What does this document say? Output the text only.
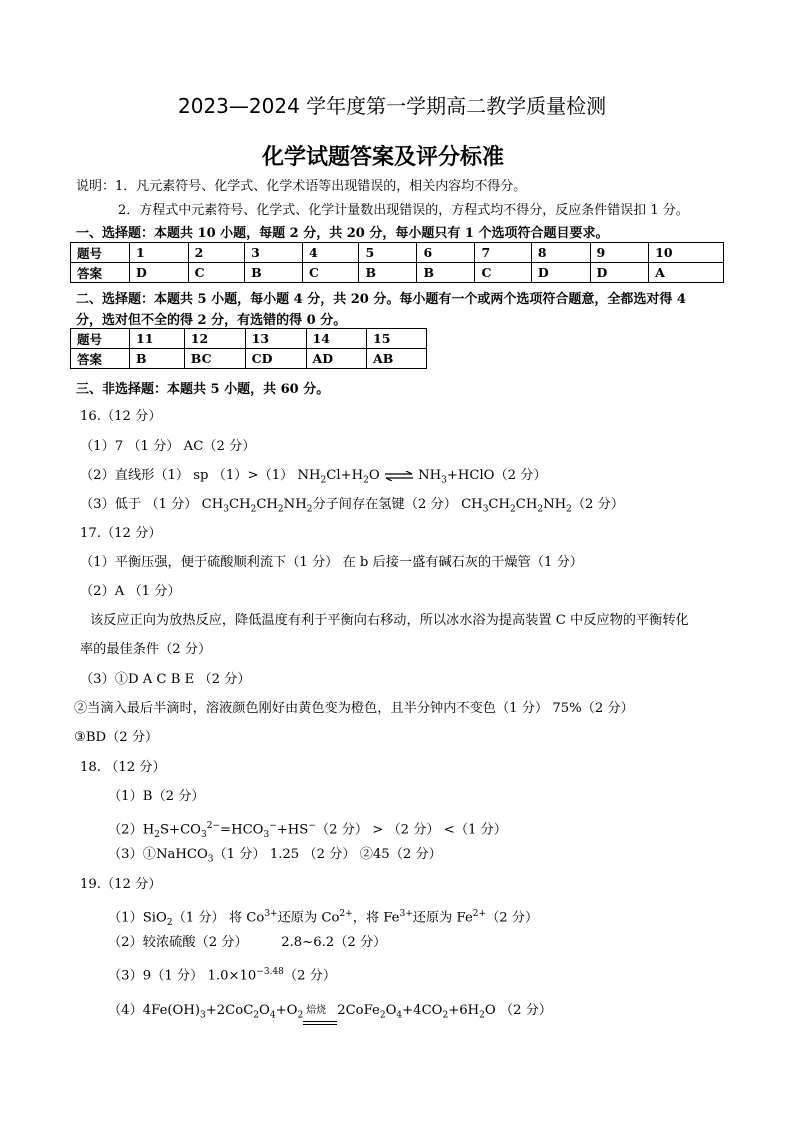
2023—2024 学年度第一学期高二教学质量检测
化学试题答案及评分标准
说明：1．凡元素符号、化学式、化学术语等出现错误的，相关内容均不得分。
2．方程式中元素符号、化学式、化学计量数出现错误的，方程式均不得分，反应条件错误扣 1 分。
一、选择题：本题共 10 小题，每题 2 分，共 20 分，每小题只有 1 个选项符合题目要求。
题号	1	2	3	4	5	6	7	8	9	10
答案	D	C	B	C	B	B	C	D	D	A
二、选择题：本题共 5 小题，每小题 4 分，共 20 分。每小题有一个或两个选项符合题意，全都选对得 4
分，选对但不全的得 2 分，有选错的得 0 分。
题号	11	12	13	14	15
答案	B	BC	CD	AD	AB
三、非选择题：本题共 5 小题，共 60 分。
16.（12 分）
（1）7 （1 分） AC（2 分）
（2）直线形（1） sp （1）>（1） $NH_2Cl+H_2O$ ⇌ $NH_3+HClO(2$ 分）
（3）低于 （1 分） $CH_3CH_2CH_2NH_2$分子间存在氢键（2 分） $CH_3CH_2CH_2NH_2(2$ 分）
17.（12 分）
（1）平衡压强，便于硫酸顺利流下（1 分） 在 b 后接一盛有碱石灰的干燥管（1 分）
（2）A （1 分）
该反应正向为放热反应，降低温度有利于平衡向右移动，所以冰水浴为提高装置 C 中反应物的平衡转化
率的最佳条件（2 分）
（3）①D A C B E （2 分）
②当滴入最后半滴时，溶液颜色刚好由黄色变为橙色，且半分钟内不变色（1 分） 75%（2 分）
③BD（2 分）
18. （12 分）
（1）B（2 分）
$(2)H_2S+CO_3^{2-}=HCO_3^-+HS^-(2$ 分） > （2 分） <（1 分）
（3）①NaHCO$_3$（1 分） 1.25 （2 分） ②45（2 分）
19.（12 分）
（1）SiO$_2$（1 分） 将 $Co^{3+}$还原为 $Co^{2+}$，将 $Fe^{3+}$还原为 $Fe^{2+}(2$ 分）
（2）较浓硫酸（2 分）        2.8~6.2（2 分）
（3）9（1 分） $1.0\times 10^{-3.48}(2$ 分）
$(4)4Fe(OH)_3+2CoC_2O_4+O_2$ 焙烧 $2CoFe_2O_4+4CO_2+6H_2O$ （2 分）
